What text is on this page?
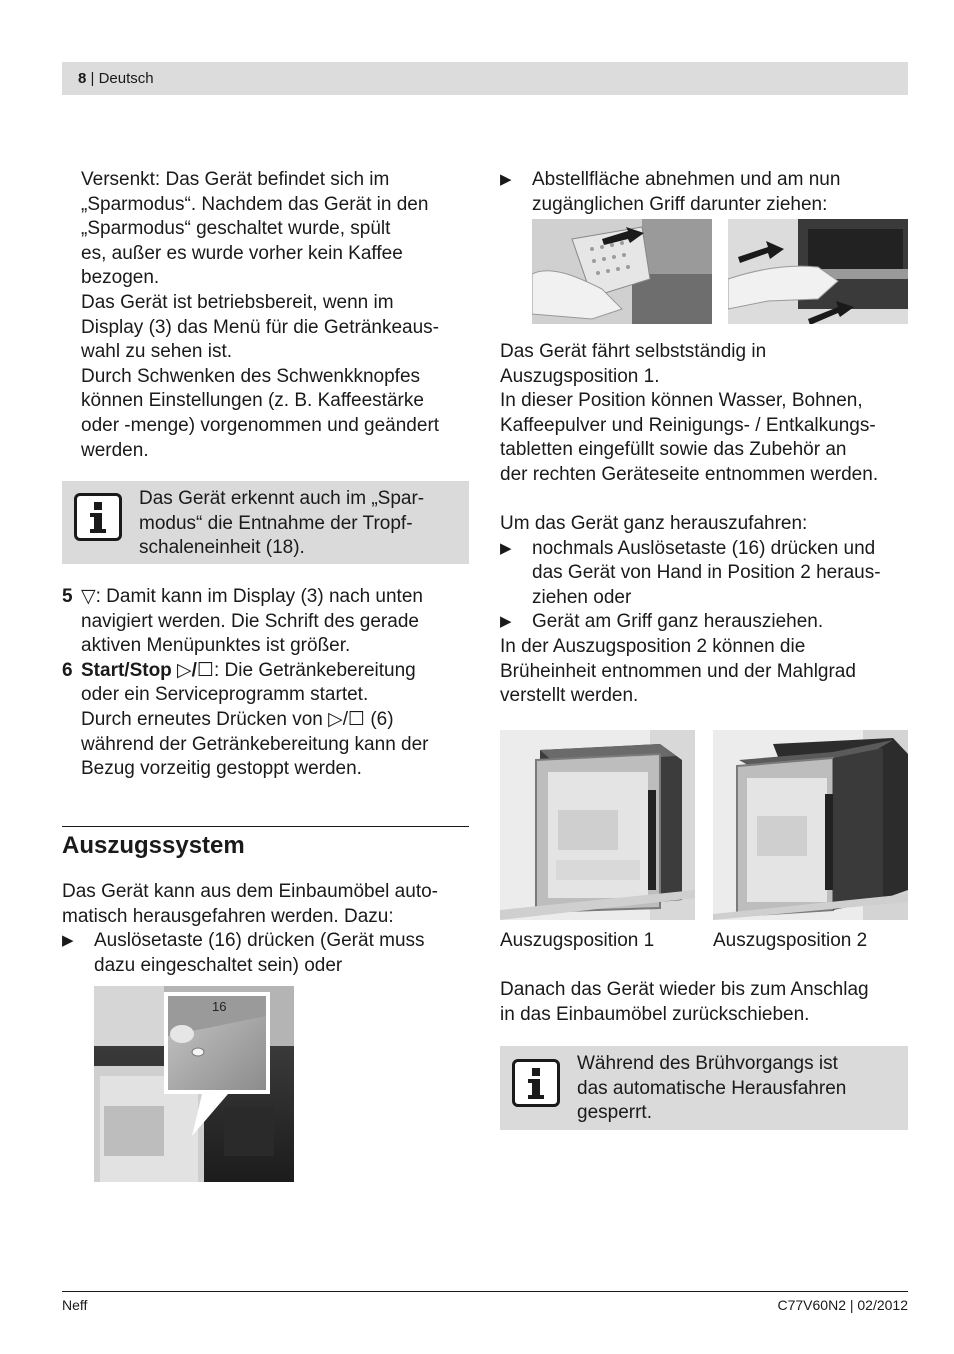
8 | Deutsch

Versenkt: Das Gerät befindet sich im

„Sparmodus“. Nachdem das Gerät in den

„Sparmodus“ geschaltet wurde, spült

es, außer es wurde vorher kein Kaffee

bezogen.

Das Gerät ist betriebsbereit, wenn im

Display (3) das Menü für die Getränkeaus-

wahl zu sehen ist.

Durch Schwenken des Schwenkknopfes

können Einstellungen (z. B. Kaffeestärke

oder -menge) vorgenommen und geändert

werden.

Das Gerät erkennt auch im „Spar-

modus“ die Entnahme der Tropf-

schaleneinheit (18).

5 ▽: Damit kann im Display (3) nach unten

navigiert werden. Die Schrift des gerade

aktiven Menüpunktes ist größer.

6 Start/Stop ▷/☐: Die Getränkebereitung

oder ein Serviceprogramm startet.

Durch erneutes Drücken von ▷/☐ (6)

während der Getränkebereitung kann der

Bezug vorzeitig gestoppt werden.

Auszugssystem

Das Gerät kann aus dem Einbaumöbel auto-

matisch herausgefahren werden. Dazu:

▶ Auslösetaste (16) drücken (Gerät muss

dazu eingeschaltet sein) oder

16
▶ Abstellfläche abnehmen und am nun

zugänglichen Griff darunter ziehen:

Das Gerät fährt selbstständig in

Auszugsposition 1.

In dieser Position können Wasser, Bohnen,

Kaffeepulver und Reinigungs- / Entkalkungs-

tabletten eingefüllt sowie das Zubehör an

der rechten Geräteseite entnommen werden.

Um das Gerät ganz herauszufahren:

▶ nochmals Auslösetaste (16) drücken und

das Gerät von Hand in Position 2 heraus-

ziehen oder

▶ Gerät am Griff ganz herausziehen.

In der Auszugsposition 2 können die

Brüheinheit entnommen und der Mahlgrad

verstellt werden.

Auszugsposition 1	Auszugsposition 2

Danach das Gerät wieder bis zum Anschlag

in das Einbaumöbel zurückschieben.

Während des Brühvorgangs ist

das automatische Herausfahren

gesperrt.

Neff	C77V60N2 | 02/2012
